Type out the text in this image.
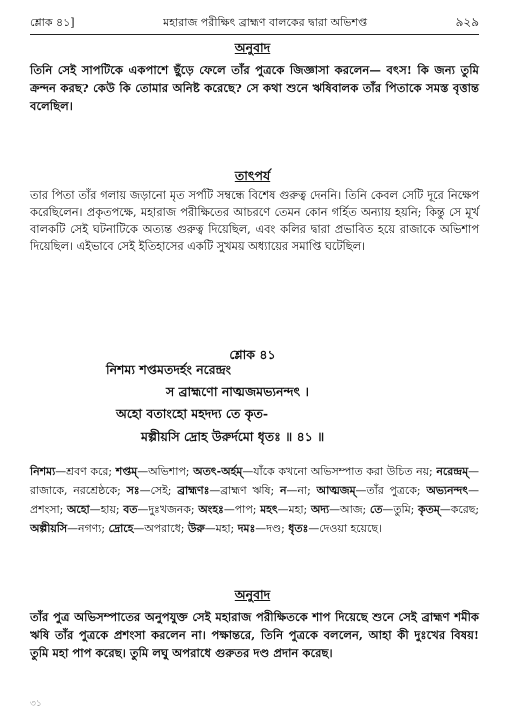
শ্লোক ৪১]	মহারাজ পরীক্ষিৎ ব্রাহ্মণ বালকের দ্বারা অভিশপ্ত	৯২৯
অনুবাদ
তিনি সেই সাপটিকে একপাশে ছুঁড়ে ফেলে তাঁর পুত্রকে জিজ্ঞাসা করলেন— বৎস! কি জন্য তুমি ক্রন্দন করছ? কেউ কি তোমার অনিষ্ট করেছে? সে কথা শুনে ঋষিবালক তাঁর পিতাকে সমস্ত বৃত্তান্ত বলেছিল।
তাৎপর্য
তার পিতা তাঁর গলায় জড়ানো মৃত সর্পটি সম্বন্ধে বিশেষ গুরুত্ব দেননি। তিনি কেবল সেটি দূরে নিক্ষেপ করেছিলেন। প্রকৃতপক্ষে, মহারাজ পরীক্ষিতের আচরণে তেমন কোন গর্হিত অন্যায় হয়নি; কিন্তু সে মূর্খ বালকটি সেই ঘটনাটিকে অত্যন্ত গুরুত্ব দিয়েছিল, এবং কলির দ্বারা প্রভাবিত হয়ে রাজাকে অভিশাপ দিয়েছিল। এইভাবে সেই ইতিহাসের একটি সুখময় অধ্যায়ের সমাপ্তি ঘটেছিল।
শ্লোক ৪১
নিশম্য শপ্তমতদর্হং নরেন্দ্রং
স ব্রাহ্মণো নাত্মজমভ্যনন্দৎ ।
অহো বতাংহো মহদদ্য তে কৃত-
মল্পীয়সি দ্রোহ উরুর্দমো ধৃতঃ ॥ ৪১ ॥
নিশম্য—শ্রবণ করে; শপ্তম্—অভিশাপ; অতৎ-অর্হম্—যাঁকে কখনো অভিসম্পাত করা উচিত নয়; নরেন্দ্রম্—রাজাকে, নরশ্রেষ্ঠকে; সঃ—সেই; ব্রাহ্মণঃ—ব্রাহ্মণ ঋষি; ন—না; আত্মজম্—তাঁর পুত্রকে; অভ্যনন্দৎ—প্রশংসা; অহো—হায়; বত—দুঃখজনক; অংহঃ—পাপ; মহৎ—মহা; অদ্য—আজ; তে—তুমি; কৃতম্—করেছ; অল্পীয়সি—নগণ্য; দ্রোহে—অপরাধে; উরু—মহা; দমঃ—দণ্ড; ধৃতঃ—দেওয়া হয়েছে।
অনুবাদ
তাঁর পুত্র অভিসম্পাতের অনুপযুক্ত সেই মহারাজ পরীক্ষিতকে শাপ দিয়েছে শুনে সেই ব্রাহ্মণ শমীক ঋষি তাঁর পুত্রকে প্রশংসা করলেন না। পক্ষান্তরে, তিনি পুত্রকে বললেন, আহা কী দুঃখের বিষয়! তুমি মহা পাপ করেছ। তুমি লঘু অপরাধে গুরুতর দণ্ড প্রদান করেছ।
৩১
